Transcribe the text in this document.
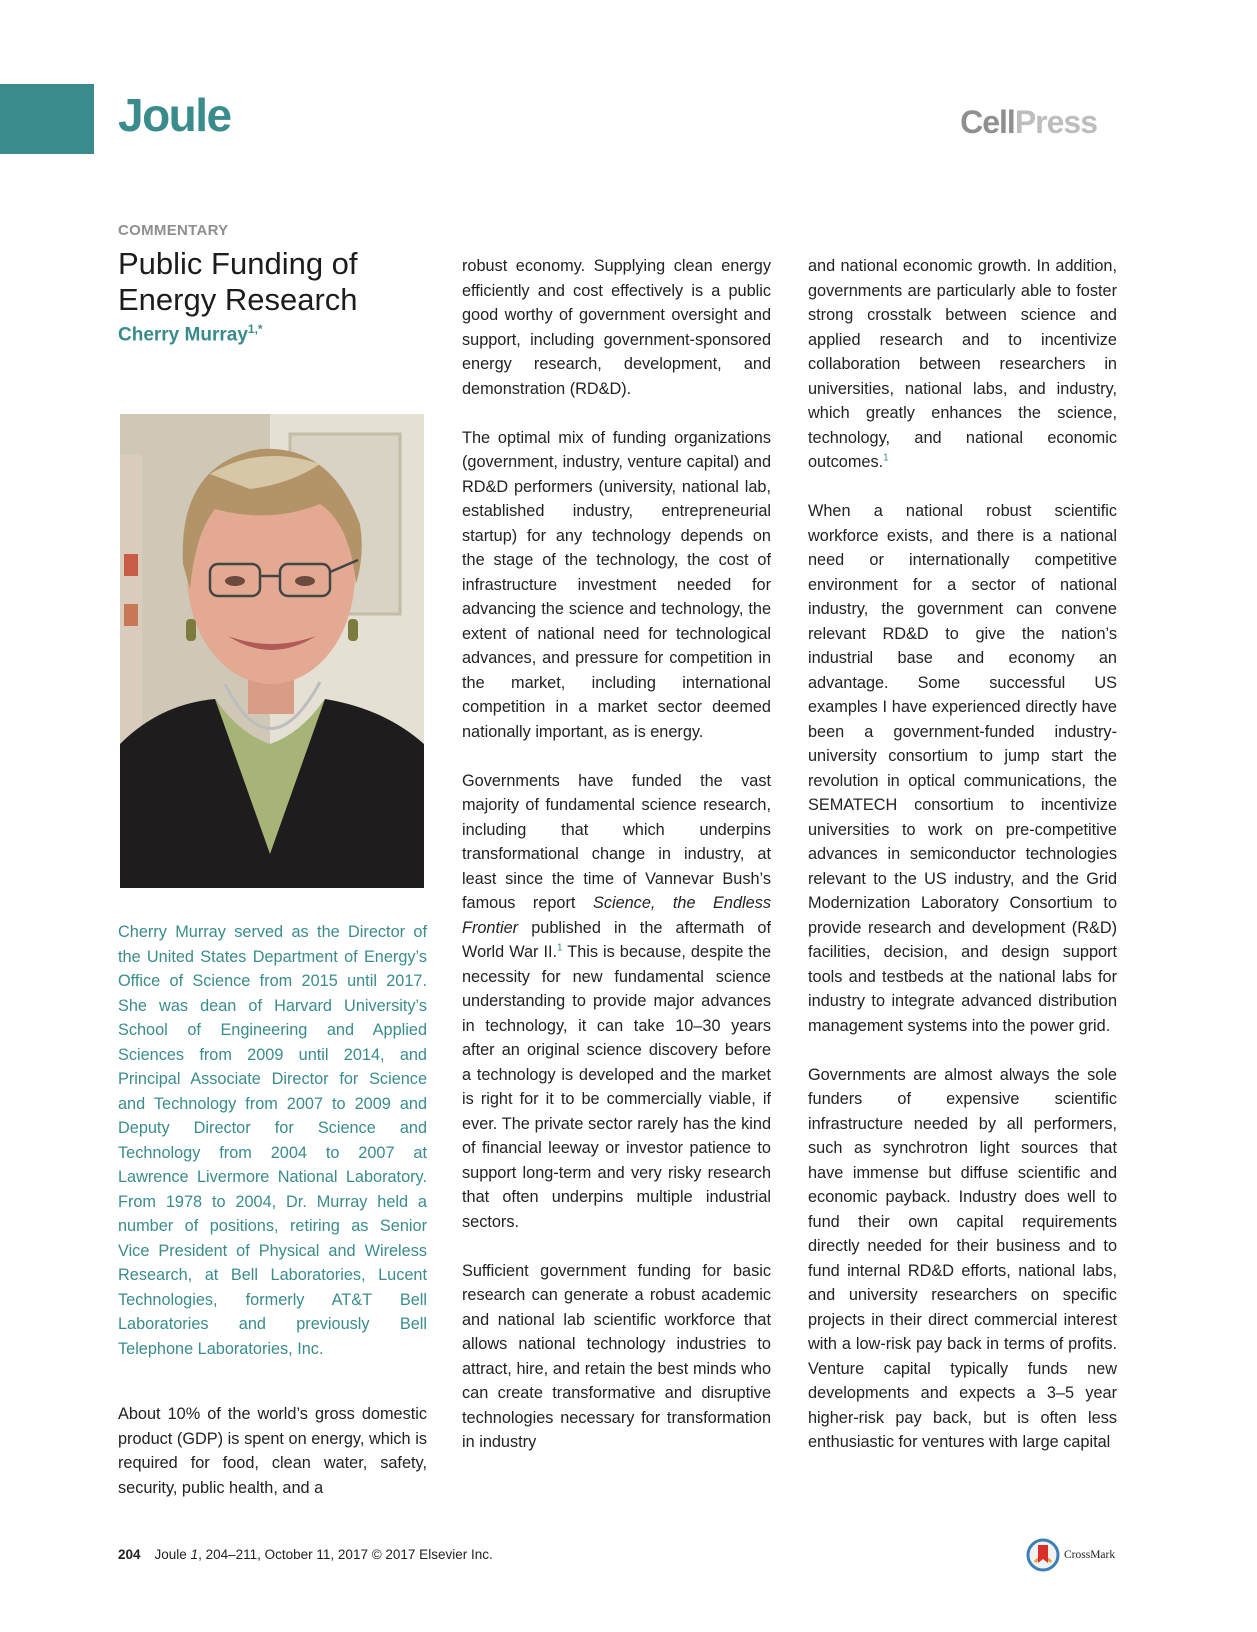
Joule	CellPress
COMMENTARY
Public Funding of Energy Research
Cherry Murray$^{1,*}$
Cherry Murray served as the Director of the United States Department of Energy’s Office of Science from 2015 until 2017. She was dean of Harvard University’s School of Engineering and Applied Sciences from 2009 until 2014, and Principal Associate Director for Science and Technology from 2007 to 2009 and Deputy Director for Science and Technology from 2004 to 2007 at Lawrence Livermore National Laboratory. From 1978 to 2004, Dr. Murray held a number of positions, retiring as Senior Vice President of Physical and Wireless Research, at Bell Laboratories, Lucent Technologies, formerly AT&T Bell Laboratories and previously Bell Telephone Laboratories, Inc.

About 10% of the world’s gross domestic product (GDP) is spent on energy, which is required for food, clean water, safety, security, public health, and a

robust economy. Supplying clean energy efficiently and cost effectively is a public good worthy of government oversight and support, including government-sponsored energy research, development, and demonstration (RD&D).

The optimal mix of funding organizations (government, industry, venture capital) and RD&D performers (university, national lab, established industry, entrepreneurial startup) for any technology depends on the stage of the technology, the cost of infrastructure investment needed for advancing the science and technology, the extent of national need for technological advances, and pressure for competition in the market, including international competition in a market sector deemed nationally important, as is energy.

Governments have funded the vast majority of fundamental science research, including that which underpins transformational change in industry, at least since the time of Vannevar Bush’s famous report Science, the Endless Frontier published in the aftermath of World War II.$^1$ This is because, despite the necessity for new fundamental science understanding to provide major advances in technology, it can take 10–30 years after an original science discovery before a technology is developed and the market is right for it to be commercially viable, if ever. The private sector rarely has the kind of financial leeway or investor patience to support long-term and very risky research that often underpins multiple industrial sectors.

Sufficient government funding for basic research can generate a robust academic and national lab scientific workforce that allows national technology industries to attract, hire, and retain the best minds who can create transformative and disruptive technologies necessary for transformation in industry

and national economic growth. In addition, governments are particularly able to foster strong crosstalk between science and applied research and to incentivize collaboration between researchers in universities, national labs, and industry, which greatly enhances the science, technology, and national economic outcomes.$^1$

When a national robust scientific workforce exists, and there is a national need or internationally competitive environment for a sector of national industry, the government can convene relevant RD&D to give the nation’s industrial base and economy an advantage. Some successful US examples I have experienced directly have been a government-funded industry-university consortium to jump start the revolution in optical communications, the SEMATECH consortium to incentivize universities to work on pre-competitive advances in semiconductor technologies relevant to the US industry, and the Grid Modernization Laboratory Consortium to provide research and development (R&D) facilities, decision, and design support tools and testbeds at the national labs for industry to integrate advanced distribution management systems into the power grid.

Governments are almost always the sole funders of expensive scientific infrastructure needed by all performers, such as synchrotron light sources that have immense but diffuse scientific and economic payback. Industry does well to fund their own capital requirements directly needed for their business and to fund internal RD&D efforts, national labs, and university researchers on specific projects in their direct commercial interest with a low-risk pay back in terms of profits. Venture capital typically funds new developments and expects a 3–5 year higher-risk pay back, but is often less enthusiastic for ventures with large capital

204 Joule 1, 204–211, October 11, 2017 © 2017 Elsevier Inc.	CrossMark
